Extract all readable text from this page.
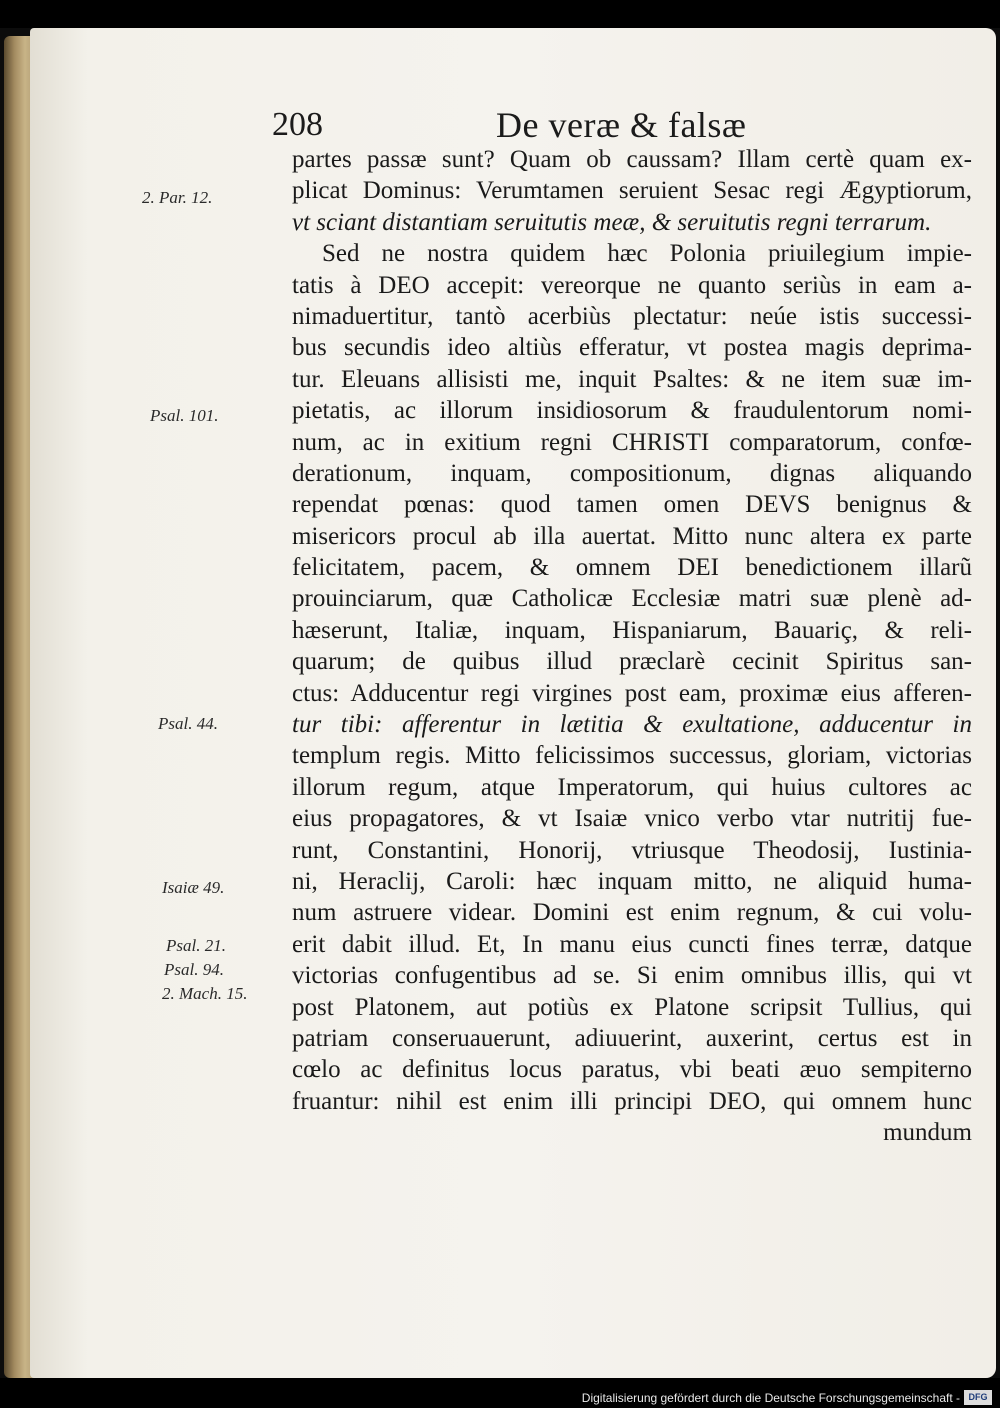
208	De veræ & falsæ
2. Par. 12.
Psal. 101.
Psal. 44.
Isaiæ 49.
Psal. 21.
Psal. 94.
2. Mach. 15.
partes passæ sunt? Quam ob caussam? Illam certè quam ex-
plicat Dominus: Verumtamen seruient Sesac regi Ægyptiorum,
vt sciant distantiam seruitutis meæ, & seruitutis regni terrarum.
Sed ne nostra quidem hæc Polonia priuilegium impie-
tatis à DEO accepit: vereorque ne quanto seriùs in eam a-
nimaduertitur, tantò acerbiùs plectatur: neúe istis successi-
bus secundis ideo altiùs efferatur, vt postea magis deprima-
tur. Eleuans allisisti me, inquit Psaltes: & ne item suæ im-
pietatis, ac illorum insidiosorum & fraudulentorum nomi-
num, ac in exitium regni CHRISTI comparatorum, confœ-
derationum, inquam, compositionum, dignas aliquando
rependat pœnas: quod tamen omen DEVS benignus &
misericors procul ab illa auertat. Mitto nunc altera ex parte
felicitatem, pacem, & omnem DEI benedictionem illarũ
prouinciarum, quæ Catholicæ Ecclesiæ matri suæ plenè ad-
hæserunt, Italiæ, inquam, Hispaniarum, Bauariç, & reli-
quarum; de quibus illud præclarè cecinit Spiritus san-
ctus: Adducentur regi virgines post eam, proximæ eius afferen-
tur tibi: afferentur in lætitia & exultatione, adducentur in
templum regis. Mitto felicissimos successus, gloriam, victorias
illorum regum, atque Imperatorum, qui huius cultores ac
eius propagatores, & vt Isaiæ vnico verbo vtar nutritij fue-
runt, Constantini, Honorij, vtriusque Theodosij, Iustinia-
ni, Heraclij, Caroli: hæc inquam mitto, ne aliquid huma-
num astruere videar. Domini est enim regnum, & cui volu-
erit dabit illud. Et, In manu eius cuncti fines terræ, datque
victorias confugentibus ad se. Si enim omnibus illis, qui vt
post Platonem, aut potiùs ex Platone scripsit Tullius, qui
patriam conseruauerunt, adiuuerint, auxerint, certus est in
cœlo ac definitus locus paratus, vbi beati æuo sempiterno
fruantur: nihil est enim illi principi DEO, qui omnem hunc
mundum
Digitalisierung gefördert durch die Deutsche Forschungsgemeinschaft - DFG
